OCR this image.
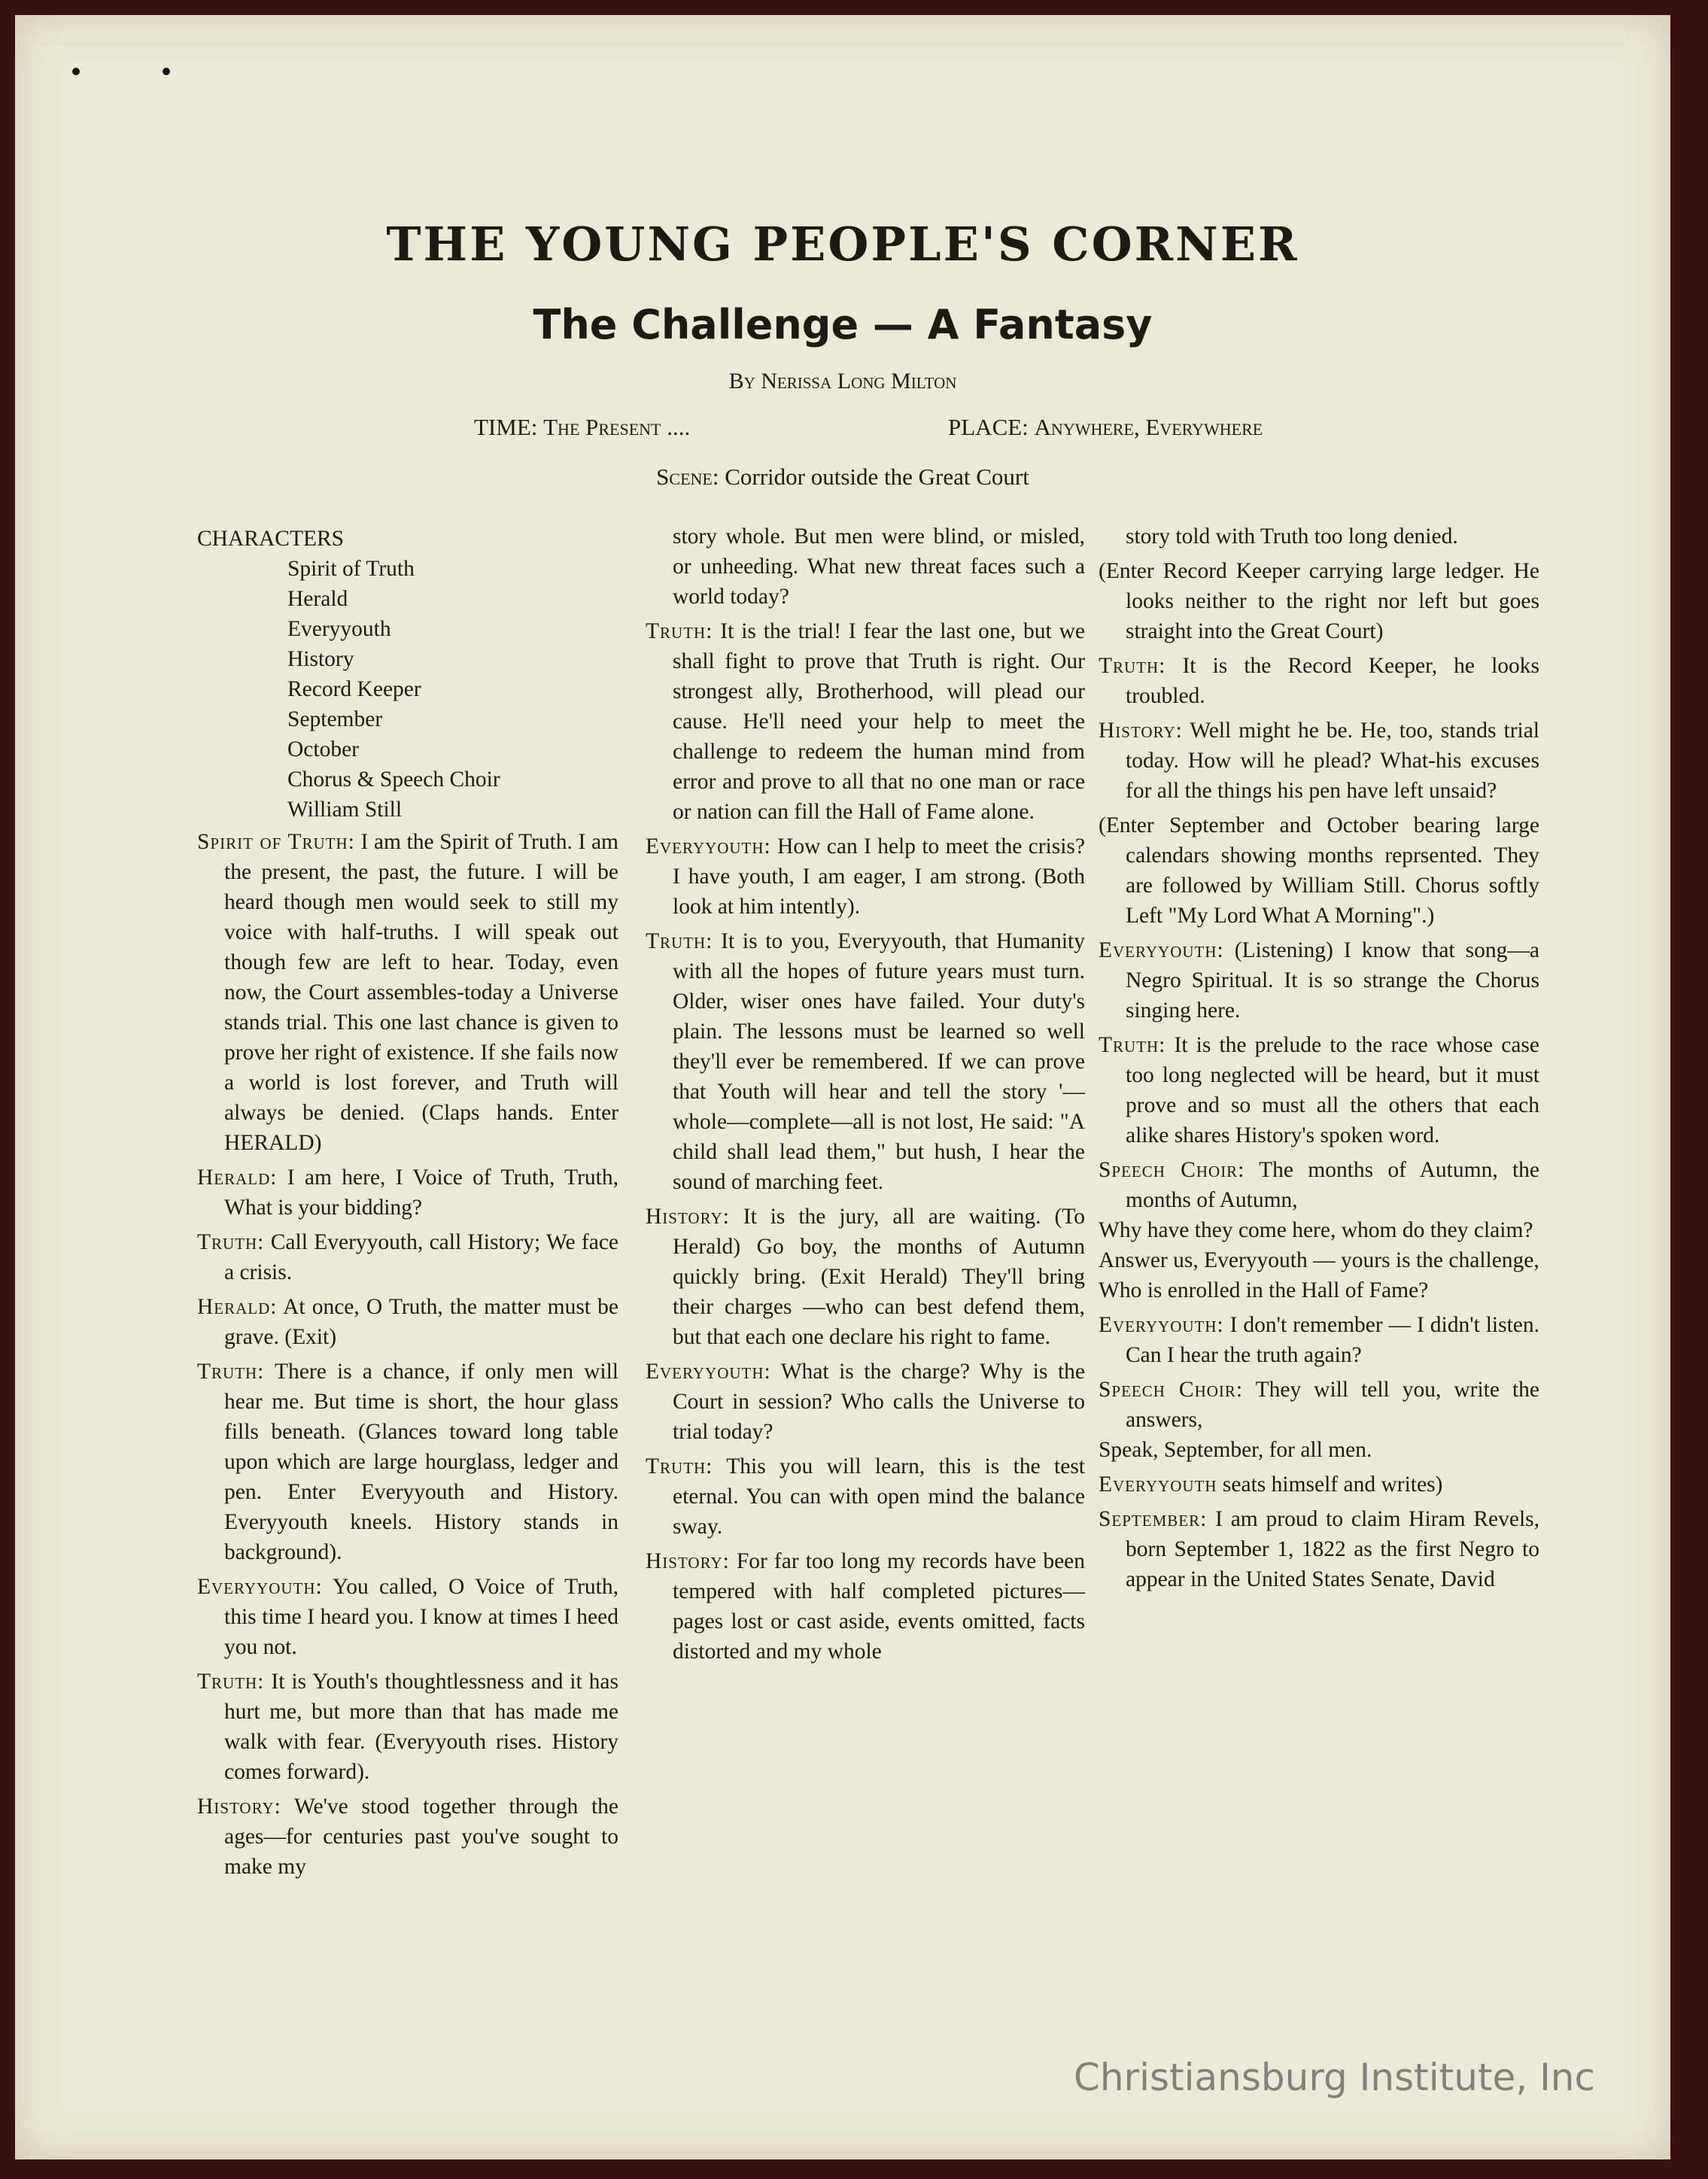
THE YOUNG PEOPLE'S CORNER
The Challenge — A Fantasy
By Nerissa Long Milton
TIME: The Present ....	PLACE: Anywhere, Everywhere
Scene: Corridor outside the Great Court
CHARACTERS
Spirit of Truth
Herald
Everyyouth
History
Record Keeper
September
October
Chorus & Speech Choir
William Still

Spirit of Truth: I am the Spirit of Truth. I am the present, the past, the future. I will be heard though men would seek to still my voice with half-truths. I will speak out though few are left to hear. Today, even now, the Court assembles-today a Universe stands trial. This one last chance is given to prove her right of existence. If she fails now a world is lost forever, and Truth will always be denied. (Claps hands. Enter HERALD)

Herald: I am here, I Voice of Truth, Truth, What is your bidding?

Truth: Call Everyyouth, call History; We face a crisis.

Herald: At once, O Truth, the matter must be grave. (Exit)

Truth: There is a chance, if only men will hear me. But time is short, the hour glass fills beneath. (Glances toward long table upon which are large hourglass, ledger and pen. Enter Everyyouth and History. Everyyouth kneels. History stands in background).

Everyyouth: You called, O Voice of Truth, this time I heard you. I know at times I heed you not.

Truth: It is Youth's thoughtlessness and it has hurt me, but more than that has made me walk with fear. (Everyyouth rises. History comes forward).

History: We've stood together through the ages—for centuries past you've sought to make my

story whole. But men were blind, or misled, or unheeding. What new threat faces such a world today?

Truth: It is the trial! I fear the last one, but we shall fight to prove that Truth is right. Our strongest ally, Brotherhood, will plead our cause. He'll need your help to meet the challenge to redeem the human mind from error and prove to all that no one man or race or nation can fill the Hall of Fame alone.

Everyyouth: How can I help to meet the crisis? I have youth, I am eager, I am strong. (Both look at him intently).

Truth: It is to you, Everyyouth, that Humanity with all the hopes of future years must turn. Older, wiser ones have failed. Your duty's plain. The lessons must be learned so well they'll ever be remembered. If we can prove that Youth will hear and tell the story '—whole—complete—all is not lost, He said: "A child shall lead them," but hush, I hear the sound of marching feet.

History: It is the jury, all are waiting. (To Herald) Go boy, the months of Autumn quickly bring. (Exit Herald) They'll bring their charges —who can best defend them, but that each one declare his right to fame.

Everyyouth: What is the charge? Why is the Court in session? Who calls the Universe to trial today?

Truth: This you will learn, this is the test eternal. You can with open mind the balance sway.

History: For far too long my records have been tempered with half completed pictures—pages lost or cast aside, events omitted, facts distorted and my whole

story told with Truth too long denied.

(Enter Record Keeper carrying large ledger. He looks neither to the right nor left but goes straight into the Great Court)

Truth: It is the Record Keeper, he looks troubled.

History: Well might he be. He, too, stands trial today. How will he plead? What-his excuses for all the things his pen have left unsaid?

(Enter September and October bearing large calendars showing months reprsented. They are followed by William Still. Chorus softly Left "My Lord What A Morning".)

Everyyouth: (Listening) I know that song—a Negro Spiritual. It is so strange the Chorus singing here.

Truth: It is the prelude to the race whose case too long neglected will be heard, but it must prove and so must all the others that each alike shares History's spoken word.

Speech Choir: The months of Autumn, the months of Autumn,
Why have they come here, whom do they claim?
Answer us, Everyyouth — yours is the challenge,
Who is enrolled in the Hall of Fame?

Everyyouth: I don't remember — I didn't listen. Can I hear the truth again?

Speech Choir: They will tell you, write the answers,
Speak, September, for all men.

Everyyouth seats himself and writes)

September: I am proud to claim Hiram Revels, born September 1, 1822 as the first Negro to appear in the United States Senate, David

Christiansburg Institute, Inc
